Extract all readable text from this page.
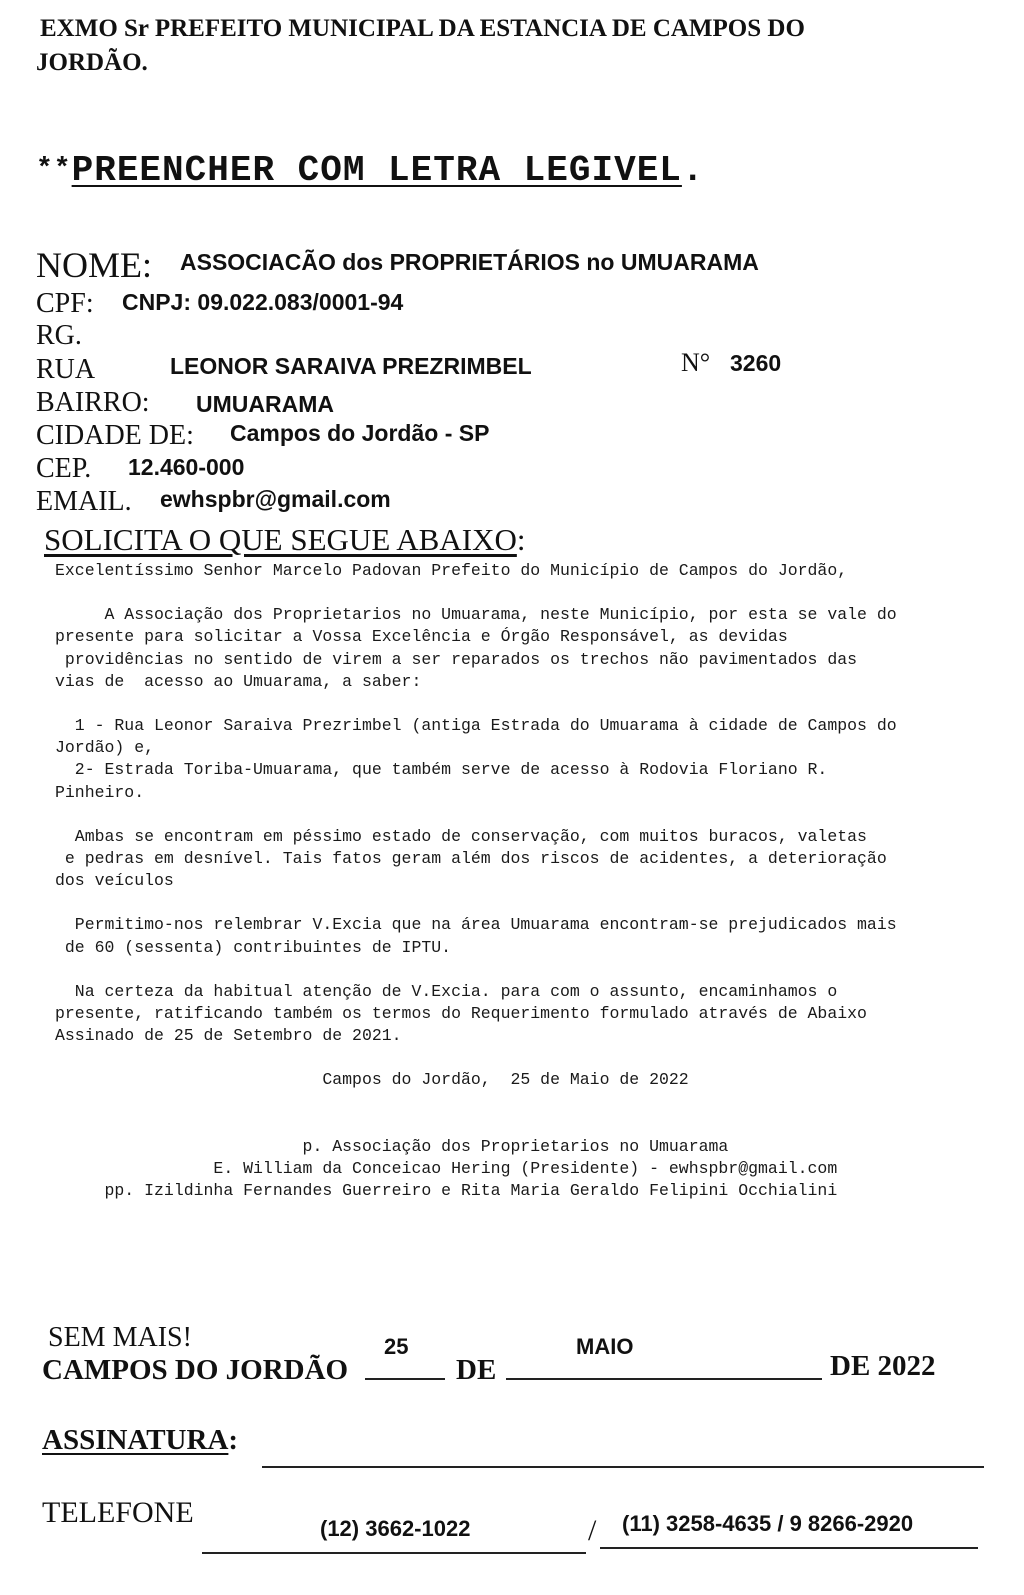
EXMO Sr PREFEITO MUNICIPAL DA ESTANCIA DE CAMPOS DO

JORDÃO.
**PREENCHER COM LETRA LEGIVEL.
NOME: ASSOCIACÃO dos PROPRIETÁRIOS no UMUARAMA
CPF: CNPJ: 09.022.083/0001-94
RG.
RUA	LEONOR SARAIVA PREZRIMBEL	N° 3260
BAIRRO: UMUARAMA
CIDADE DE: Campos do Jordão - SP
CEP. 12.460-000
EMAIL. ewhspbr@gmail.com
SOLICITA O QUE SEGUE ABAIXO:
Excelentíssimo Senhor Marcelo Padovan Prefeito do Município de Campos do Jordão,
A Associação dos Proprietarios no Umuarama, neste Município, por esta se vale do
presente para solicitar a Vossa Excelência e Órgão Responsável, as devidas
providências no sentido de virem a ser reparados os trechos não pavimentados das
vias de  acesso ao Umuarama, a saber:
1 - Rua Leonor Saraiva Prezrimbel (antiga Estrada do Umuarama à cidade de Campos do
Jordão) e,
2- Estrada Toriba-Umuarama, que também serve de acesso à Rodovia Floriano R.
Pinheiro.
Ambas se encontram em péssimo estado de conservação, com muitos buracos, valetas
e pedras em desnível. Tais fatos geram além dos riscos de acidentes, a deterioração
dos veículos
Permitimo-nos relembrar V.Excia que na área Umuarama encontram-se prejudicados mais
de 60 (sessenta) contribuintes de IPTU.
Na certeza da habitual atenção de V.Excia. para com o assunto, encaminhamos o
presente, ratificando também os termos do Requerimento formulado através de Abaixo
Assinado de 25 de Setembro de 2021.
Campos do Jordão,  25 de Maio de 2022
p. Associação dos Proprietarios no Umuarama
E. William da Conceicao Hering (Presidente) - ewhspbr@gmail.com
pp. Izildinha Fernandes Guerreiro e Rita Maria Geraldo Felipini Occhialini
SEM MAIS!
CAMPOS DO JORDÃO
25
DE
MAIO
DE 2022
ASSINATURA:
TELEFONE	(12) 3662-1022	/ (11) 3258-4635 / 9 8266-2920
